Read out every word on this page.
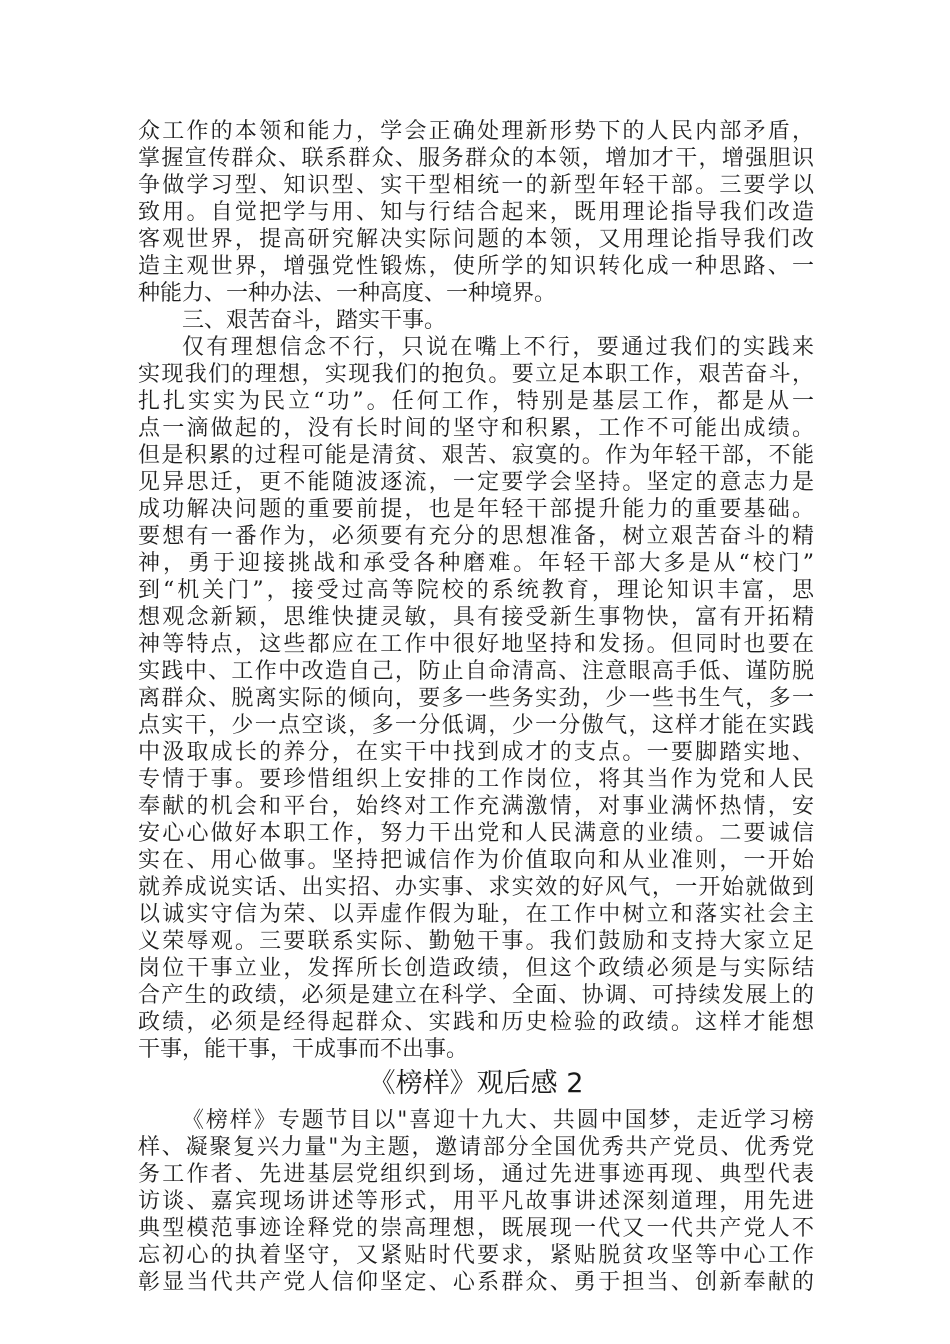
众工作的本领和能力，学会正确处理新形势下的人民内部矛盾，
掌握宣传群众、联系群众、服务群众的本领，增加才干，增强胆识
争做学习型、知识型、实干型相统一的新型年轻干部。三要学以
致用。自觉把学与用、知与行结合起来，既用理论指导我们改造
客观世界，提高研究解决实际问题的本领，又用理论指导我们改
造主观世界，增强党性锻炼，使所学的知识转化成一种思路、一
种能力、一种办法、一种高度、一种境界。
三、艰苦奋斗，踏实干事。
仅有理想信念不行，只说在嘴上不行，要通过我们的实践来
实现我们的理想，实现我们的抱负。要立足本职工作，艰苦奋斗，
扎扎实实为民立“功”。任何工作，特别是基层工作，都是从一
点一滴做起的，没有长时间的坚守和积累，工作不可能出成绩。
但是积累的过程可能是清贫、艰苦、寂寞的。作为年轻干部，不能
见异思迁，更不能随波逐流，一定要学会坚持。坚定的意志力是
成功解决问题的重要前提，也是年轻干部提升能力的重要基础。
要想有一番作为，必须要有充分的思想准备，树立艰苦奋斗的精
神，勇于迎接挑战和承受各种磨难。年轻干部大多是从“校门”
到“机关门”，接受过高等院校的系统教育，理论知识丰富，思
想观念新颖，思维快捷灵敏，具有接受新生事物快，富有开拓精
神等特点，这些都应在工作中很好地坚持和发扬。但同时也要在
实践中、工作中改造自己，防止自命清高、注意眼高手低、谨防脱
离群众、脱离实际的倾向，要多一些务实劲，少一些书生气，多一
点实干，少一点空谈，多一分低调，少一分傲气，这样才能在实践
中汲取成长的养分，在实干中找到成才的支点。一要脚踏实地、
专情于事。要珍惜组织上安排的工作岗位，将其当作为党和人民
奉献的机会和平台，始终对工作充满激情，对事业满怀热情，安
安心心做好本职工作，努力干出党和人民满意的业绩。二要诚信
实在、用心做事。坚持把诚信作为价值取向和从业准则，一开始
就养成说实话、出实招、办实事、求实效的好风气，一开始就做到
以诚实守信为荣、以弄虚作假为耻，在工作中树立和落实社会主
义荣辱观。三要联系实际、勤勉干事。我们鼓励和支持大家立足
岗位干事立业，发挥所长创造政绩，但这个政绩必须是与实际结
合产生的政绩，必须是建立在科学、全面、协调、可持续发展上的
政绩，必须是经得起群众、实践和历史检验的政绩。这样才能想
干事，能干事，干成事而不出事。
《榜样》观后感 2
《榜样》专题节目以"喜迎十九大、共圆中国梦，走近学习榜
样、凝聚复兴力量"为主题，邀请部分全国优秀共产党员、优秀党
务工作者、先进基层党组织到场，通过先进事迹再现、典型代表
访谈、嘉宾现场讲述等形式，用平凡故事讲述深刻道理，用先进
典型模范事迹诠释党的崇高理想，既展现一代又一代共产党人不
忘初心的执着坚守，又紧贴时代要求，紧贴脱贫攻坚等中心工作
彰显当代共产党人信仰坚定、心系群众、勇于担当、创新奉献的
